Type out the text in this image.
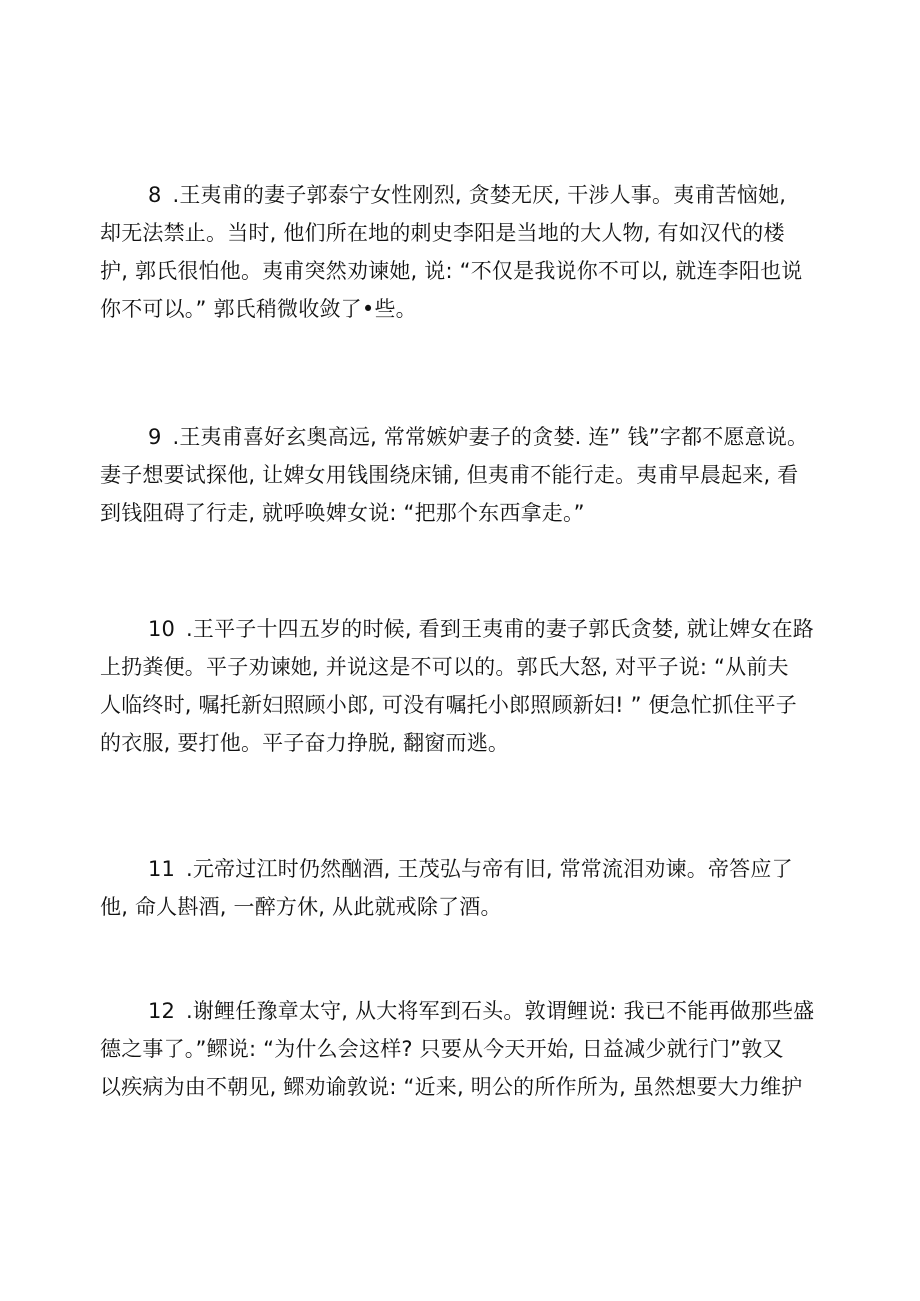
8 .王夷甫的妻子郭泰宁女性刚烈, 贪婪无厌, 干涉人事。夷甫苦恼她,
却无法禁止。当时, 他们所在地的刺史李阳是当地的大人物, 有如汉代的楼
护, 郭氏很怕他。夷甫突然劝谏她, 说: “不仅是我说你不可以, 就连李阳也说
你不可以。” 郭氏稍微收敛了•些。
9 .王夷甫喜好玄奥高远, 常常嫉妒妻子的贪婪. 连” 钱”字都不愿意说。
妻子想要试探他, 让婢女用钱围绕床铺, 但夷甫不能行走。夷甫早晨起来, 看
到钱阻碍了行走, 就呼唤婢女说: “把那个东西拿走。”
10 .王平子十四五岁的时候, 看到王夷甫的妻子郭氏贪婪, 就让婢女在路
上扔粪便。平子劝谏她, 并说这是不可以的。郭氏大怒, 对平子说: “从前夫
人临终时, 嘱托新妇照顾小郎, 可没有嘱托小郎照顾新妇! ” 便急忙抓住平子
的衣服, 要打他。平子奋力挣脱, 翻窗而逃。
11 .元帝过江时仍然酗酒, 王茂弘与帝有旧, 常常流泪劝谏。帝答应了
他, 命人斟酒, 一醉方休, 从此就戒除了酒。
12 .谢鲤任豫章太守, 从大将军到石头。敦谓鲤说: 我已不能再做那些盛
德之事了。”鳏说: “为什么会这样? 只要从今天开始, 日益减少就行门”敦又
以疾病为由不朝见, 鳏劝谕敦说: “近来, 明公的所作所为, 虽然想要大力维护
